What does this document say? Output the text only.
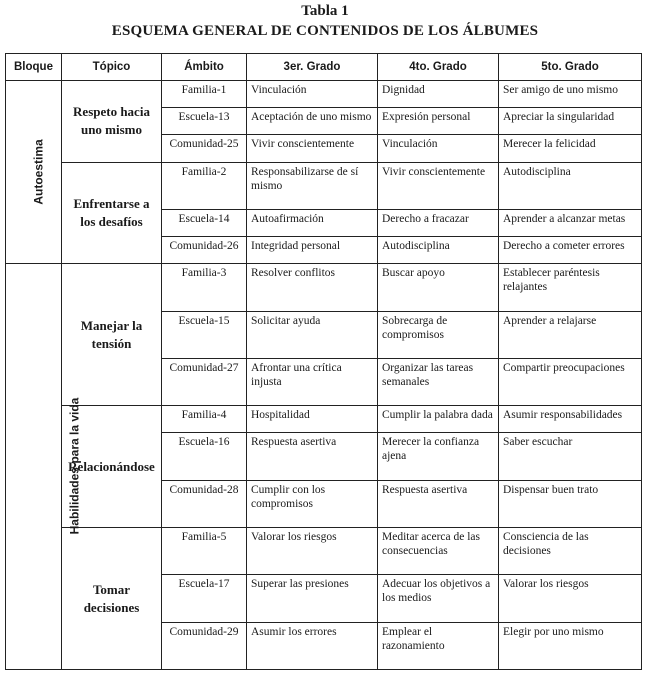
Tabla 1
ESQUEMA GENERAL DE CONTENIDOS DE LOS ÁLBUMES
Bloque	Tópico	Ámbito	3er. Grado	4to. Grado	5to. Grado
Autoestima	Respeto hacia uno mismo	Familia-1	Vinculación	Dignidad	Ser amigo de uno mismo
		Escuela-13	Aceptación de uno mismo	Expresión personal	Apreciar la singularidad
		Comunidad-25	Vivir conscientemente	Vinculación	Merecer la felicidad
	Enfrentarse a los desafíos	Familia-2	Responsabilizarse de sí mismo	Vivir conscientemente	Autodisciplina
		Escuela-14	Autoafirmación	Derecho a fracazar	Aprender a alcanzar metas
		Comunidad-26	Integridad personal	Autodisciplina	Derecho a cometer errores
Habilidades para la vida	Manejar la tensión	Familia-3	Resolver conflitos	Buscar apoyo	Establecer paréntesis relajantes
		Escuela-15	Solicitar ayuda	Sobrecarga de compromisos	Aprender a relajarse
		Comunidad-27	Afrontar una crítica injusta	Organizar las tareas semanales	Compartir preocupaciones
	Relacionándose	Familia-4	Hospitalidad	Cumplir la palabra dada	Asumir responsabilidades
		Escuela-16	Respuesta asertiva	Merecer la confianza ajena	Saber escuchar
		Comunidad-28	Cumplir con los compromisos	Respuesta asertiva	Dispensar buen trato
	Tomar decisiones	Familia-5	Valorar los riesgos	Meditar acerca de las consecuencias	Consciencia de las decisiones
		Escuela-17	Superar las presiones	Adecuar los objetivos a los medios	Valorar los riesgos
		Comunidad-29	Asumir los errores	Emplear el razonamiento	Elegir por uno mismo
